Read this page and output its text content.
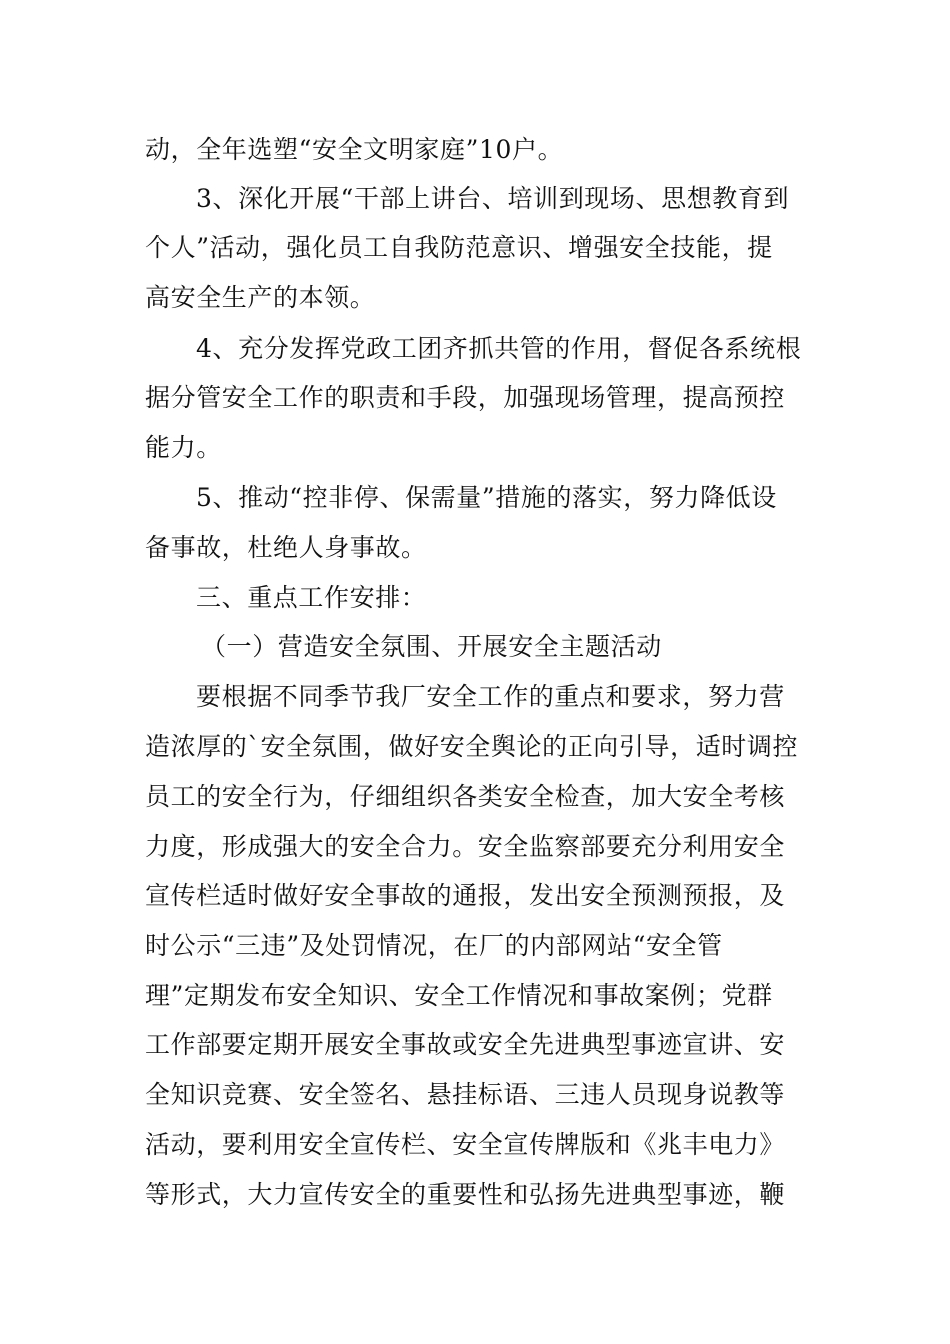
动，全年选塑“安全文明家庭”10户。
3、深化开展“干部上讲台、培训到现场、思想教育到
个人”活动，强化员工自我防范意识、增强安全技能，提
高安全生产的本领。
4、充分发挥党政工团齐抓共管的作用，督促各系统根
据分管安全工作的职责和手段，加强现场管理，提高预控
能力。
5、推动“控非停、保需量”措施的落实，努力降低设
备事故，杜绝人身事故。
三、重点工作安排：
（一）营造安全氛围、开展安全主题活动
要根据不同季节我厂安全工作的重点和要求，努力营
造浓厚的`安全氛围，做好安全舆论的正向引导，适时调控
员工的安全行为，仔细组织各类安全检查，加大安全考核
力度，形成强大的安全合力。安全监察部要充分利用安全
宣传栏适时做好安全事故的通报，发出安全预测预报，及
时公示“三违”及处罚情况，在厂的内部网站“安全管
理”定期发布安全知识、安全工作情况和事故案例；党群
工作部要定期开展安全事故或安全先进典型事迹宣讲、安
全知识竞赛、安全签名、悬挂标语、三违人员现身说教等
活动，要利用安全宣传栏、安全宣传牌版和《兆丰电力》
等形式，大力宣传安全的重要性和弘扬先进典型事迹，鞭
